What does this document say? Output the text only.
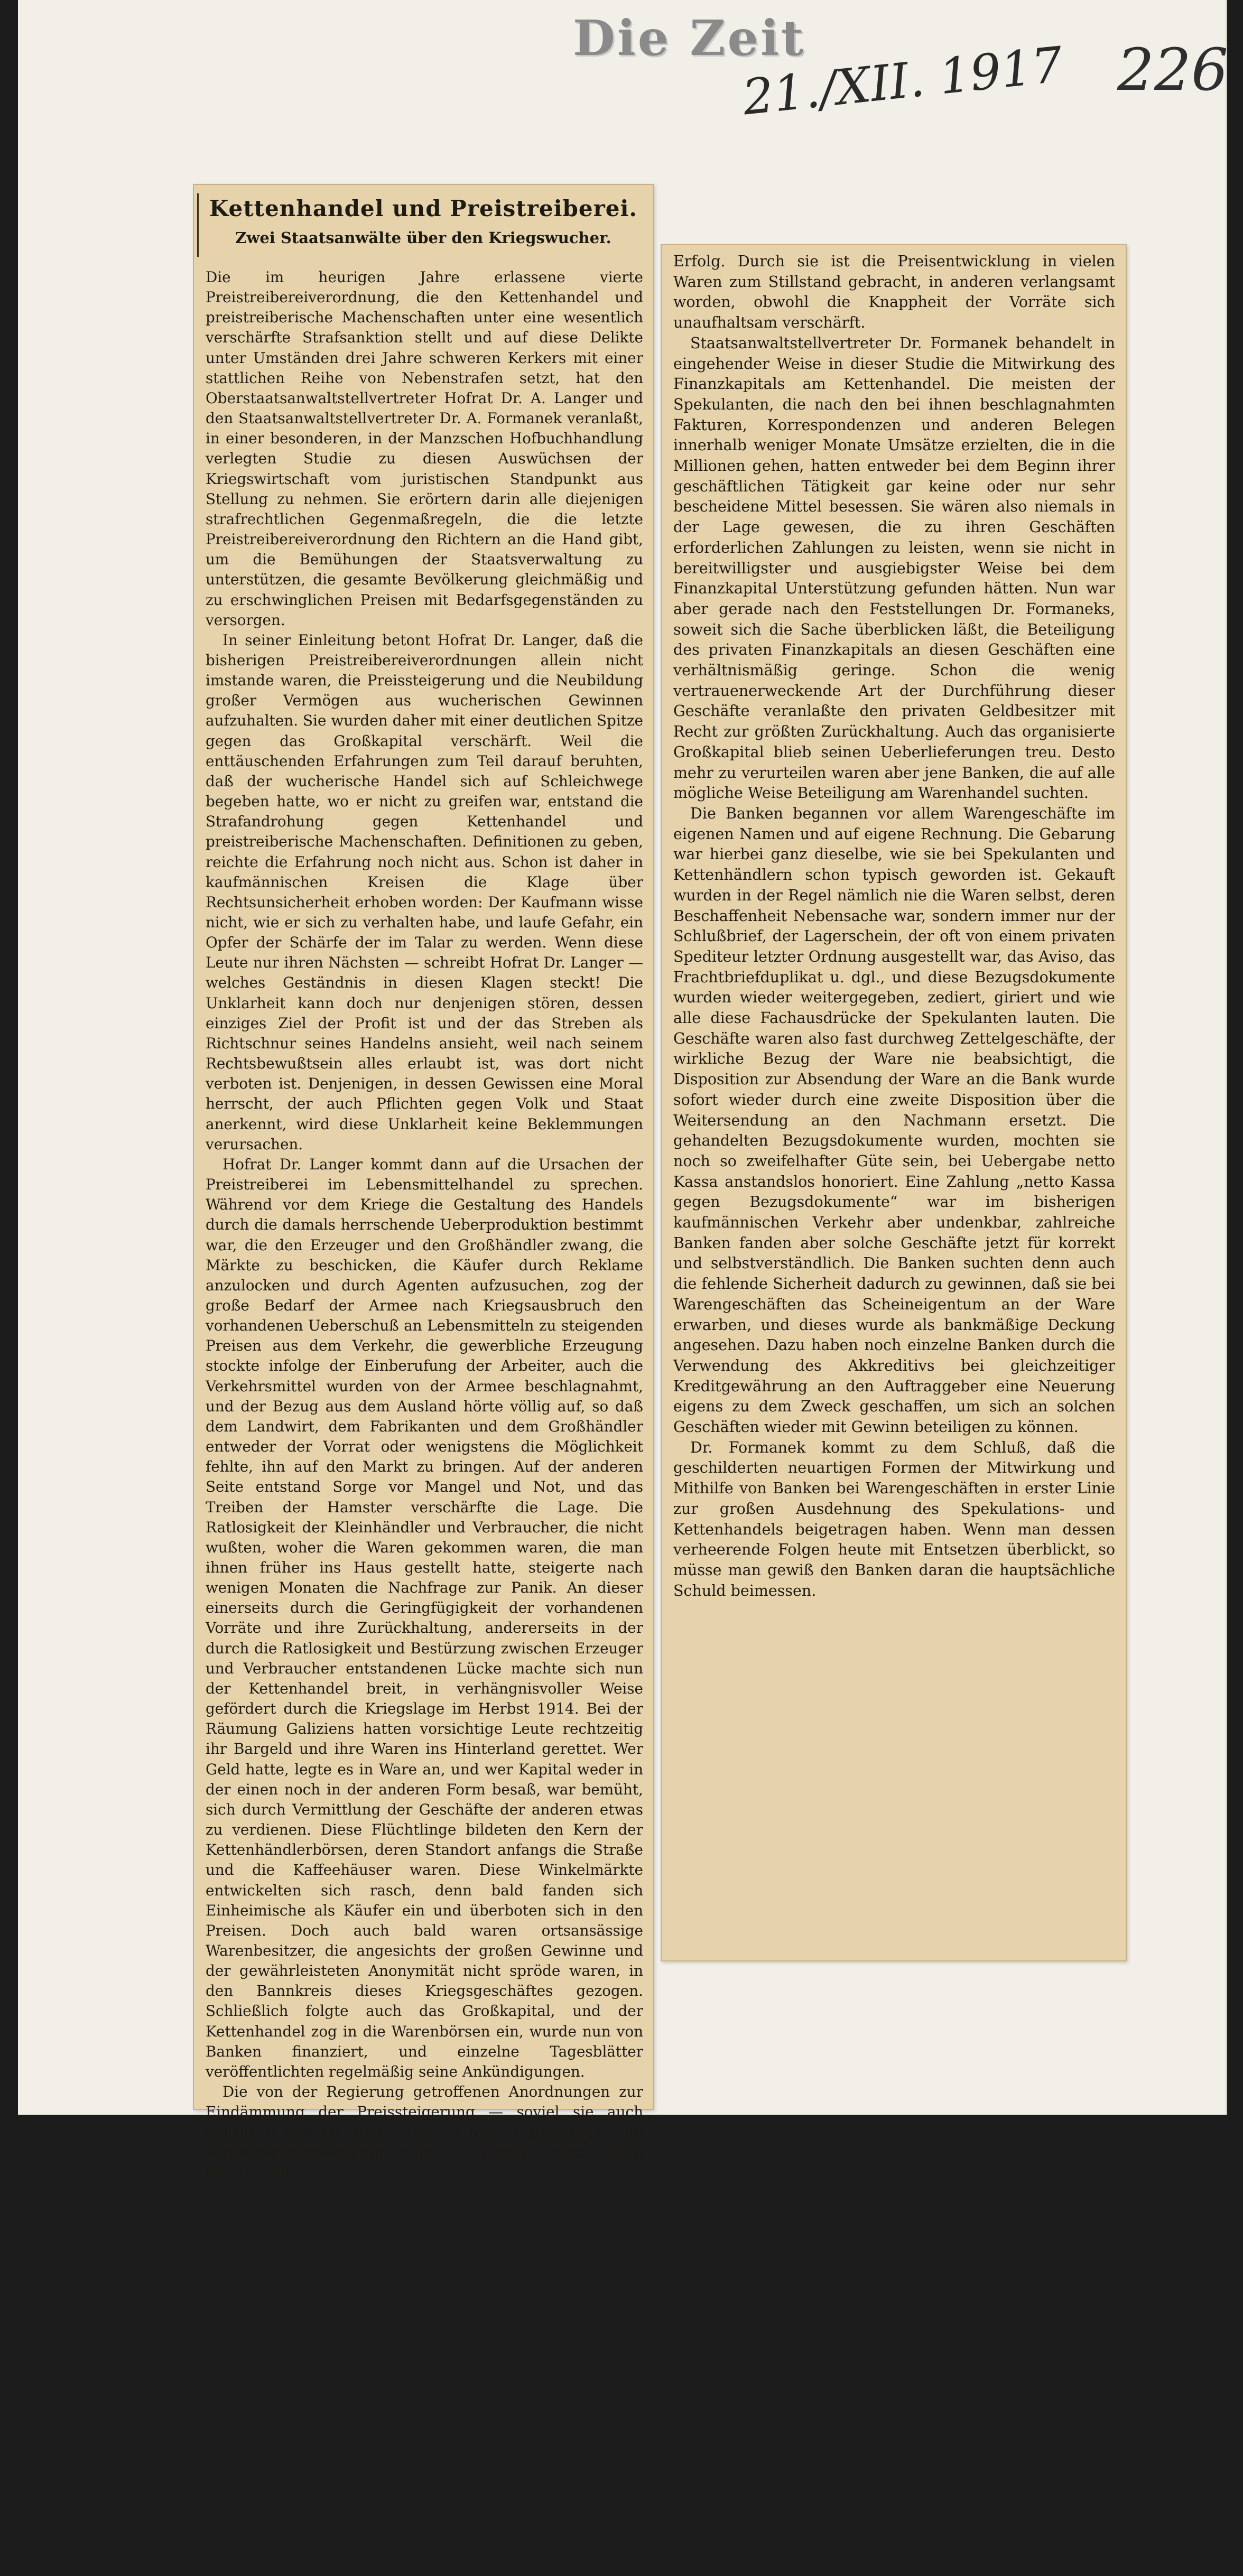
Die Zeit
21./XII. 1917 226
Kettenhandel und Preistreiberei.
Zwei Staatsanwälte über den Kriegswucher.

Die im heurigen Jahre erlassene vierte Preistreibereiverordnung, die den Kettenhandel und preistreiberische Machenschaften unter eine wesentlich verschärfte Strafsanktion stellt und auf diese Delikte unter Umständen drei Jahre schweren Kerkers mit einer stattlichen Reihe von Nebenstrafen setzt, hat den Oberstaatsanwaltstellvertreter Hofrat Dr. A. Langer und den Staatsanwaltstellvertreter Dr. A. Formanek veranlaßt, in einer besonderen, in der Manzschen Hofbuchhandlung verlegten Studie zu diesen Auswüchsen der Kriegswirtschaft vom juristischen Standpunkt aus Stellung zu nehmen. Sie erörtern darin alle diejenigen strafrechtlichen Gegenmaßregeln, die die letzte Preistreibereiverordnung den Richtern an die Hand gibt, um die Bemühungen der Staatsverwaltung zu unterstützen, die gesamte Bevölkerung gleichmäßig und zu erschwinglichen Preisen mit Bedarfsgegenständen zu versorgen.

In seiner Einleitung betont Hofrat Dr. Langer, daß die bisherigen Preistreibereiverordnungen allein nicht imstande waren, die Preissteigerung und die Neubildung großer Vermögen aus wucherischen Gewinnen aufzuhalten. Sie wurden daher mit einer deutlichen Spitze gegen das Großkapital verschärft. Weil die enttäuschenden Erfahrungen zum Teil darauf beruhten, daß der wucherische Handel sich auf Schleichwege begeben hatte, wo er nicht zu greifen war, entstand die Strafandrohung gegen Kettenhandel und preistreiberische Machenschaften. Definitionen zu geben, reichte die Erfahrung noch nicht aus. Schon ist daher in kaufmännischen Kreisen die Klage über Rechtsunsicherheit erhoben worden: Der Kaufmann wisse nicht, wie er sich zu verhalten habe, und laufe Gefahr, ein Opfer der Schärfe der im Talar zu werden. Wenn diese Leute nur ihren Nächsten — schreibt Hofrat Dr. Langer — welches Geständnis in diesen Klagen steckt! Die Unklarheit kann doch nur denjenigen stören, dessen einziges Ziel der Profit ist und der das Streben als Richtschnur seines Handelns ansieht, weil nach seinem Rechtsbewußtsein alles erlaubt ist, was dort nicht verboten ist. Denjenigen, in dessen Gewissen eine Moral herrscht, der auch Pflichten gegen Volk und Staat anerkennt, wird diese Unklarheit keine Beklemmungen verursachen.

Hofrat Dr. Langer kommt dann auf die Ursachen der Preistreiberei im Lebensmittelhandel zu sprechen. Während vor dem Kriege die Gestaltung des Handels durch die damals herrschende Ueberproduktion bestimmt war, die den Erzeuger und den Großhändler zwang, die Märkte zu beschicken, die Käufer durch Reklame anzulocken und durch Agenten aufzusuchen, zog der große Bedarf der Armee nach Kriegsausbruch den vorhandenen Ueberschuß an Lebensmitteln zu steigenden Preisen aus dem Verkehr, die gewerbliche Erzeugung stockte infolge der Einberufung der Arbeiter, auch die Verkehrsmittel wurden von der Armee beschlagnahmt, und der Bezug aus dem Ausland hörte völlig auf, so daß dem Landwirt, dem Fabrikanten und dem Großhändler entweder der Vorrat oder wenigstens die Möglichkeit fehlte, ihn auf den Markt zu bringen. Auf der anderen Seite entstand Sorge vor Mangel und Not, und das Treiben der Hamster verschärfte die Lage. Die Ratlosigkeit der Kleinhändler und Verbraucher, die nicht wußten, woher die Waren gekommen waren, die man ihnen früher ins Haus gestellt hatte, steigerte nach wenigen Monaten die Nachfrage zur Panik. An dieser einerseits durch die Geringfügigkeit der vorhandenen Vorräte und ihre Zurückhaltung, andererseits in der durch die Ratlosigkeit und Bestürzung zwischen Erzeuger und Verbraucher entstandenen Lücke machte sich nun der Kettenhandel breit, in verhängnisvoller Weise gefördert durch die Kriegslage im Herbst 1914. Bei der Räumung Galiziens hatten vorsichtige Leute rechtzeitig ihr Bargeld und ihre Waren ins Hinterland gerettet. Wer Geld hatte, legte es in Ware an, und wer Kapital weder in der einen noch in der anderen Form besaß, war bemüht, sich durch Vermittlung der Geschäfte der anderen etwas zu verdienen. Diese Flüchtlinge bildeten den Kern der Kettenhändlerbörsen, deren Standort anfangs die Straße und die Kaffeehäuser waren. Diese Winkelmärkte entwickelten sich rasch, denn bald fanden sich Einheimische als Käufer ein und überboten sich in den Preisen. Doch auch bald waren ortsansässige Warenbesitzer, die angesichts der großen Gewinne und der gewährleisteten Anonymität nicht spröde waren, in den Bannkreis dieses Kriegsgeschäftes gezogen. Schließlich folgte auch das Großkapital, und der Kettenhandel zog in die Warenbörsen ein, wurde nun von Banken finanziert, und einzelne Tagesblätter veröffentlichten regelmäßig seine Ankündigungen.

Die von der Regierung getroffenen Anordnungen zur Eindämmung der Preissteigerung — soviel sie auch bekrittelt werden, und wenn sie auch ergänzungs- und verbesserungsbedürftig sind — hatten doch einen merklichen

Erfolg. Durch sie ist die Preisentwicklung in vielen Waren zum Stillstand gebracht, in anderen verlangsamt worden, obwohl die Knappheit der Vorräte sich unaufhaltsam verschärft.

Staatsanwaltstellvertreter Dr. Formanek behandelt in eingehender Weise in dieser Studie die Mitwirkung des Finanzkapitals am Kettenhandel. Die meisten der Spekulanten, die nach den bei ihnen beschlagnahmten Fakturen, Korrespondenzen und anderen Belegen innerhalb weniger Monate Umsätze erzielten, die in die Millionen gehen, hatten entweder bei dem Beginn ihrer geschäftlichen Tätigkeit gar keine oder nur sehr bescheidene Mittel besessen. Sie wären also niemals in der Lage gewesen, die zu ihren Geschäften erforderlichen Zahlungen zu leisten, wenn sie nicht in bereitwilligster und ausgiebigster Weise bei dem Finanzkapital Unterstützung gefunden hätten. Nun war aber gerade nach den Feststellungen Dr. Formaneks, soweit sich die Sache überblicken läßt, die Beteiligung des privaten Finanzkapitals an diesen Geschäften eine verhältnismäßig geringe. Schon die wenig vertrauenerweckende Art der Durchführung dieser Geschäfte veranlaßte den privaten Geldbesitzer mit Recht zur größten Zurückhaltung. Auch das organisierte Großkapital blieb seinen Ueberlieferungen treu. Desto mehr zu verurteilen waren aber jene Banken, die auf alle mögliche Weise Beteiligung am Warenhandel suchten.

Die Banken begannen vor allem Warengeschäfte im eigenen Namen und auf eigene Rechnung. Die Gebarung war hierbei ganz dieselbe, wie sie bei Spekulanten und Kettenhändlern schon typisch geworden ist. Gekauft wurden in der Regel nämlich nie die Waren selbst, deren Beschaffenheit Nebensache war, sondern immer nur der Schlußbrief, der Lagerschein, der oft von einem privaten Spediteur letzter Ordnung ausgestellt war, das Aviso, das Frachtbriefduplikat u. dgl., und diese Bezugsdokumente wurden wieder weitergegeben, zediert, giriert und wie alle diese Fachausdrücke der Spekulanten lauten. Die Geschäfte waren also fast durchweg Zettelgeschäfte, der wirkliche Bezug der Ware nie beabsichtigt, die Disposition zur Absendung der Ware an die Bank wurde sofort wieder durch eine zweite Disposition über die Weitersendung an den Nachmann ersetzt. Die gehandelten Bezugsdokumente wurden, mochten sie noch so zweifelhafter Güte sein, bei Uebergabe netto Kassa anstandslos honoriert. Eine Zahlung „netto Kassa gegen Bezugsdokumente“ war im bisherigen kaufmännischen Verkehr aber undenkbar, zahlreiche Banken fanden aber solche Geschäfte jetzt für korrekt und selbstverständlich. Die Banken suchten denn auch die fehlende Sicherheit dadurch zu gewinnen, daß sie bei Warengeschäften das Scheineigentum an der Ware erwarben, und dieses wurde als bankmäßige Deckung angesehen. Dazu haben noch einzelne Banken durch die Verwendung des Akkreditivs bei gleichzeitiger Kreditgewährung an den Auftraggeber eine Neuerung eigens zu dem Zweck geschaffen, um sich an solchen Geschäften wieder mit Gewinn beteiligen zu können.

Dr. Formanek kommt zu dem Schluß, daß die geschilderten neuartigen Formen der Mitwirkung und Mithilfe von Banken bei Warengeschäften in erster Linie zur großen Ausdehnung des Spekulations- und Kettenhandels beigetragen haben. Wenn man dessen verheerende Folgen heute mit Entsetzen überblickt, so müsse man gewiß den Banken daran die hauptsächliche Schuld beimessen.
